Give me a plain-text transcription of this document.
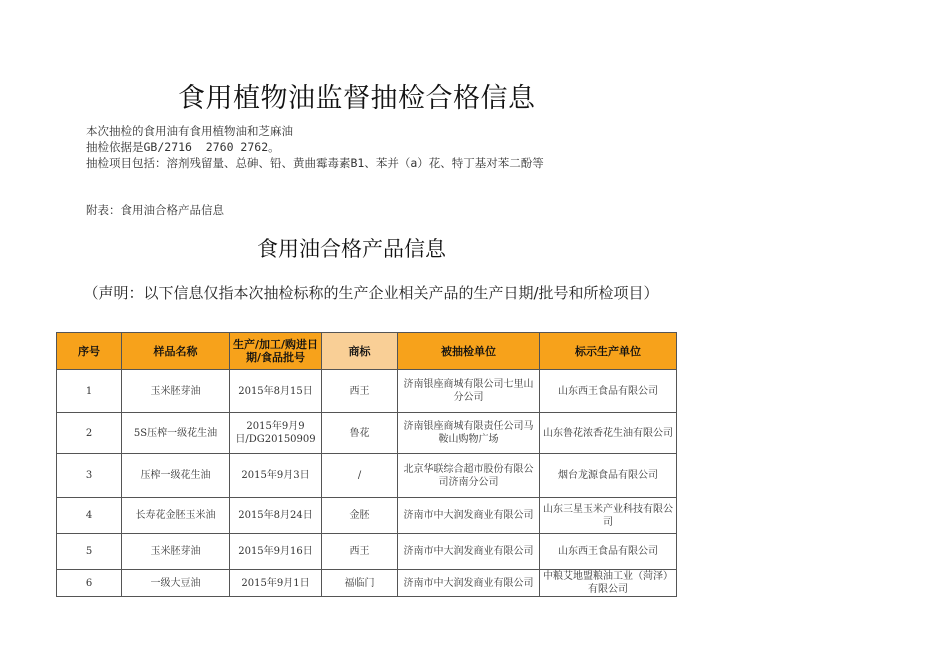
食用植物油监督抽检合格信息
本次抽检的食用油有食用植物油和芝麻油
抽检依据是GB/2716  2760 2762。
抽检项目包括：溶剂残留量、总砷、铅、黄曲霉毒素B1、苯并（a）花、特丁基对苯二酚等
附表：食用油合格产品信息
食用油合格产品信息
（声明：以下信息仅指本次抽检标称的生产企业相关产品的生产日期/批号和所检项目）
序号	样品名称	生产/加工/购进日期/食品批号	商标	被抽检单位	标示生产单位
1	玉米胚芽油	2015年8月15日	西王	济南银座商城有限公司七里山分公司	山东西王食品有限公司
2	5S压榨一级花生油	2015年9月9日/DG20150909	鲁花	济南银座商城有限责任公司马鞍山购物广场	山东鲁花浓香花生油有限公司
3	压榨一级花生油	2015年9月3日	/	北京华联综合超市股份有限公司济南分公司	烟台龙源食品有限公司
4	长寿花金胚玉米油	2015年8月24日	金胚	济南市中大润发商业有限公司	山东三星玉米产业科技有限公司
5	玉米胚芽油	2015年9月16日	西王	济南市中大润发商业有限公司	山东西王食品有限公司
6	一级大豆油	2015年9月1日	福临门	济南市中大润发商业有限公司	中粮艾地盟粮油工业（菏泽）有限公司
